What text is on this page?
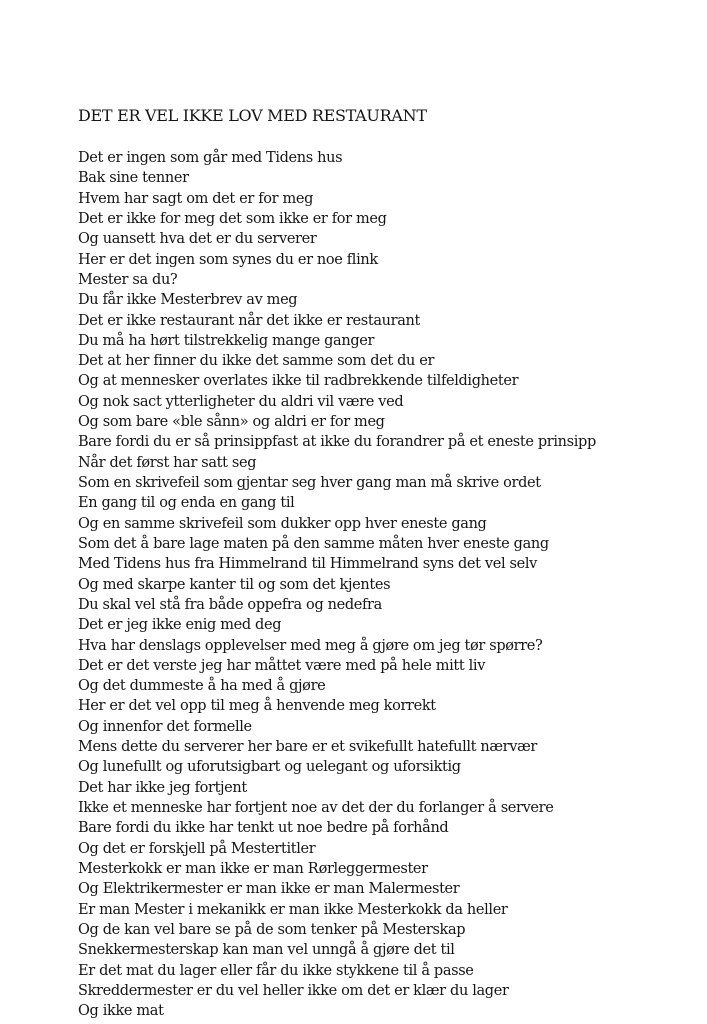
DET ER VEL IKKE LOV MED RESTAURANT
Det er ingen som går med Tidens hus
Bak sine tenner
Hvem har sagt om det er for meg
Det er ikke for meg det som ikke er for meg
Og uansett hva det er du serverer
Her er det ingen som synes du er noe flink
Mester sa du?
Du får ikke Mesterbrev av meg
Det er ikke restaurant når det ikke er restaurant
Du må ha hørt tilstrekkelig mange ganger
Det at her finner du ikke det samme som det du er
Og at mennesker overlates ikke til radbrekkende tilfeldigheter
Og nok sact ytterligheter du aldri vil være ved
Og som bare «ble sånn» og aldri er for meg
Bare fordi du er så prinsippfast at ikke du forandrer på et eneste prinsipp
Når det først har satt seg
Som en skrivefeil som gjentar seg hver gang man må skrive ordet
En gang til og enda en gang til
Og en samme skrivefeil som dukker opp hver eneste gang
Som det å bare lage maten på den samme måten hver eneste gang
Med Tidens hus fra Himmelrand til Himmelrand syns det vel selv
Og med skarpe kanter til og som det kjentes
Du skal vel stå fra både oppefra og nedefra
Det er jeg ikke enig med deg
Hva har denslags opplevelser med meg å gjøre om jeg tør spørre?
Det er det verste jeg har måttet være med på hele mitt liv
Og det dummeste å ha med å gjøre
Her er det vel opp til meg å henvende meg korrekt
Og innenfor det formelle
Mens dette du serverer her bare er et svikefullt hatefullt nærvær
Og lunefullt og uforutsigbart og uelegant og uforsiktig
Det har ikke jeg fortjent
Ikke et menneske har fortjent noe av det der du forlanger å servere
Bare fordi du ikke har tenkt ut noe bedre på forhånd
Og det er forskjell på Mestertitler
Mesterkokk er man ikke er man Rørleggermester
Og Elektrikermester er man ikke er man Malermester
Er man Mester i mekanikk er man ikke Mesterkokk da heller
Og de kan vel bare se på de som tenker på Mesterskap
Snekkermesterskap kan man vel unngå å gjøre det til
Er det mat du lager eller får du ikke stykkene til å passe
Skreddermester er du vel heller ikke om det er klær du lager
Og ikke mat
